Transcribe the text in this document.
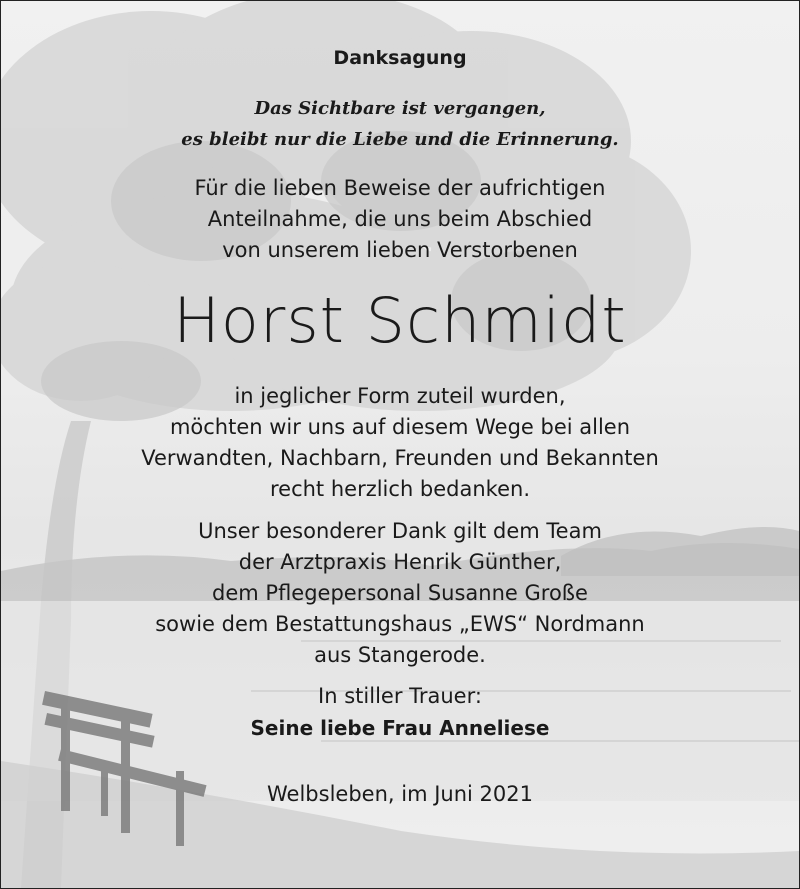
Danksagung
Das Sichtbare ist vergangen,
es bleibt nur die Liebe und die Erinnerung.
Für die lieben Beweise der aufrichtigen
Anteilnahme, die uns beim Abschied
von unserem lieben Verstorbenen
Horst Schmidt
in jeglicher Form zuteil wurden,
möchten wir uns auf diesem Wege bei allen
Verwandten, Nachbarn, Freunden und Bekannten
recht herzlich bedanken.
Unser besonderer Dank gilt dem Team
der Arztpraxis Henrik Günther,
dem Pflegepersonal Susanne Große
sowie dem Bestattungshaus „EWS“ Nordmann
aus Stangerode.
In stiller Trauer:
Seine liebe Frau Anneliese
Welbsleben, im Juni 2021
